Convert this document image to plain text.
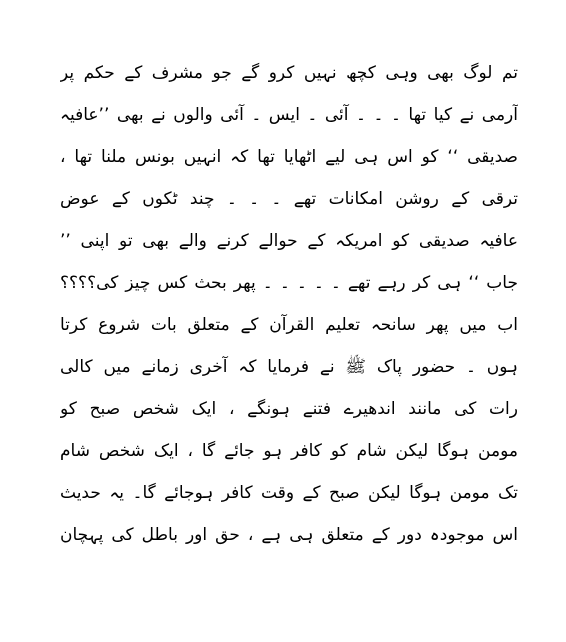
تم لوگ بھی وہی کچھ نہیں کرو گے جو مشرف کے حکم پر
آرمی نے کیا تھا ۔ ۔ ۔ آئی ۔ ایس ۔ آئی والوں نے بھی ’’عافیہ
صدیقی ‘‘ کو اس ہی لیے اٹھایا تھا کہ انہیں بونس ملنا تھا ،
ترقی کے روشن امکانات تھے ۔ ۔ ۔ چند ٹکوں کے عوض
عافیہ صدیقی کو امریکہ کے حوالے کرنے والے بھی تو اپنی ’’
جاب ‘‘ ہی کر رہے تھے ۔ ۔ ۔ ۔ ۔ پھر بحث کس چیز کی؟؟؟؟
اب میں پھر سانحہ تعلیم القرآن کے متعلق بات شروع کرتا
ہوں ۔ حضور پاک ﷺ نے فرمایا کہ آخری زمانے میں کالی
رات کی مانند اندھیرے فتنے ہونگے ، ایک شخص صبح کو
مومن ہوگا لیکن شام کو کافر ہو جائے گا ، ایک شخص شام
تک مومن ہوگا لیکن صبح کے وقت کافر ہوجائے گا۔ یہ حدیث
اس موجودہ دور کے متعلق ہی ہے ، حق اور باطل کی پہچان
